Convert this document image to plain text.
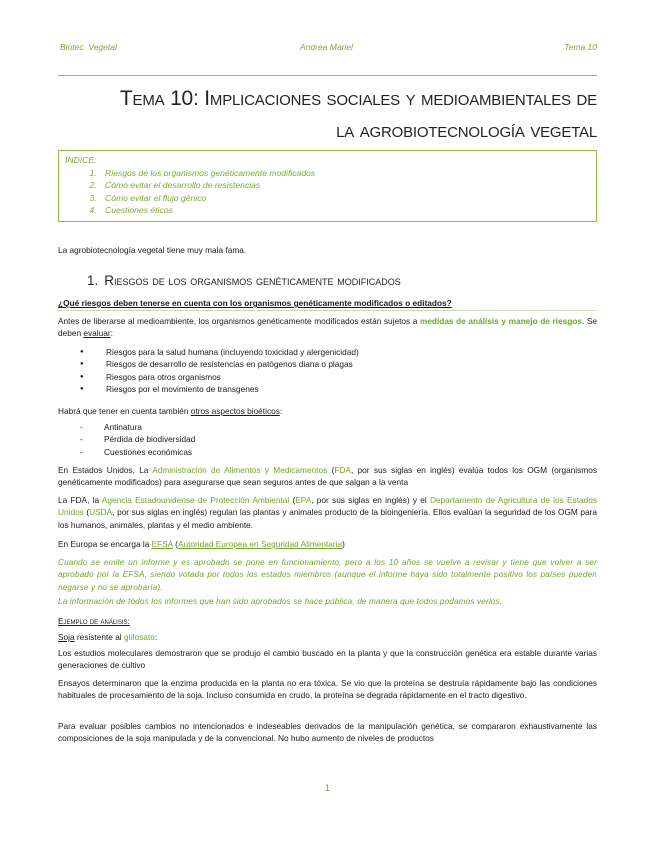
Biotec. Vegetal	Andrea Mariel	Tema 10
Tema 10: Implicaciones sociales y medioambientales de
la agrobiotecnología vegetal
ÍNDICE:
1. Riesgos de los organismos genéticamente modificados
2. Cómo evitar el desarrollo de resistencias
3. Cómo evitar el flujo génico
4. Cuestiones éticos
La agrobiotecnología vegetal tiene muy mala fama.
1. Riesgos de los organismos genéticamente modificados
¿Qué riesgos deben tenerse en cuenta con los organismos genéticamente modificados o editados?
Antes de liberarse al medioambiente, los organismos genéticamente modificados están sujetos a medidas de análisis y manejo de riesgos. Se deben evaluar:
● Riesgos para la salud humana (incluyendo toxicidad y alergenicidad)
● Riesgos de desarrollo de resistencias en patógenos diana o plagas
● Riesgos para otros organismos
● Riesgos por el movimiento de transgenes
Habrá que tener en cuenta también otros aspectos bioéticos:
- Antinatura
- Pérdida de biodiversidad
- Cuestiones económicas
En Estados Unidos, La Administración de Alimentos y Medicamentos (FDA, por sus siglas en inglés) evalúa todos los OGM (organismos genéticamente modificados) para asegurarse que sean seguros antes de que salgan a la venta
La FDA, la Agencia Estadounidense de Protección Ambiental (EPA, por sus siglas en inglés) y el Departamento de Agricultura de los Estados Unidos (USDA, por sus siglas en inglés) regulan las plantas y animales producto de la bioingeniería. Ellos evalúan la seguridad de los OGM para los humanos, animales, plantas y el medio ambiente.
En Europa se encarga la EFSA (Autoridad Europea en Seguridad Alimentaria)
Cuando se emite un informe y es aprobado se pone en funcionamiento, pero a los 10 años se vuelve a revisar y tiene que volver a ser aprobado por la EFSA, siendo votada por todos los estados miembros (aunque el informe haya sido totalmente positivo los países pueden negarse y no se aprobaría).
La información de todos los informes que han sido aprobados se hace pública, de manera que todos podamos verlos.
Ejemplo de análisis:
Soja resistente al glifosato:
Los estudios moleculares demostraron que se produjo el cambio buscado en la planta y que la construcción genética era estable durante varias generaciones de cultivo
Ensayos determinaron que la enzima producida en la planta no era tóxica. Se vio que la proteína se destruía rápidamente bajo las condiciones habituales de procesamiento de la soja. Incluso consumida en crudo, la proteína se degrada rápidamente en el tracto digestivo.
Para evaluar posibles cambios no intencionados e indeseables derivados de la manipulación genética, se compararon exhaustivamente las composiciones de la soja manipulada y de la convencional. No hubo aumento de niveles de productos
1
